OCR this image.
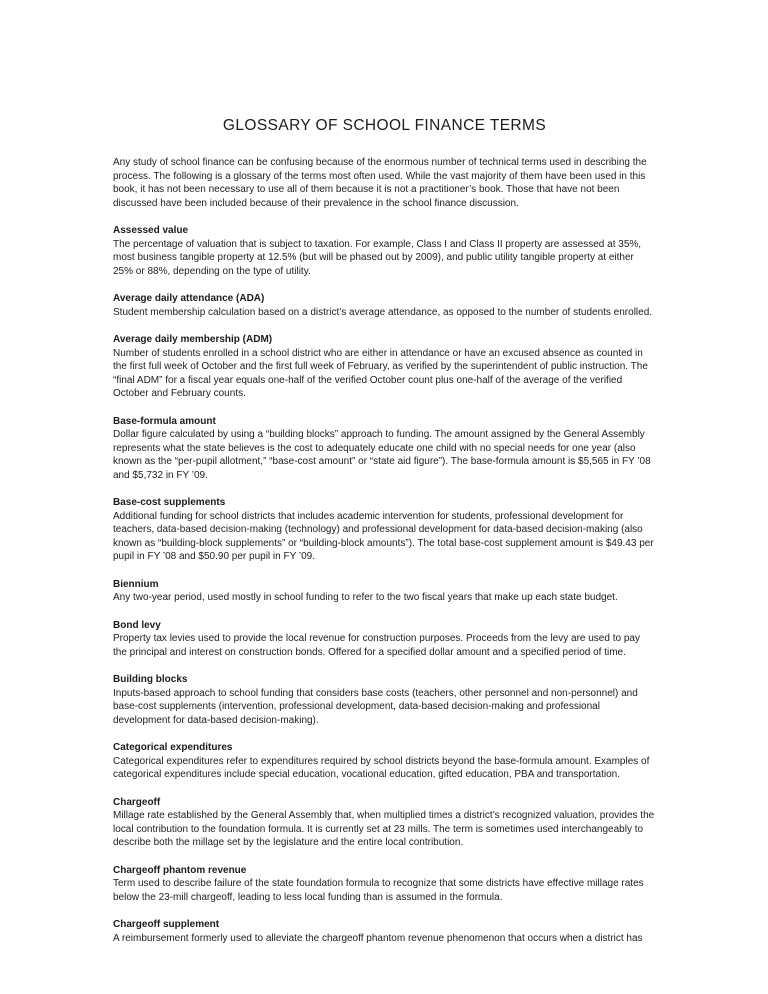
GLOSSARY OF SCHOOL FINANCE TERMS

Any study of school finance can be confusing because of the enormous number of technical terms used in describing the process. The following is a glossary of the terms most often used. While the vast majority of them have been used in this book, it has not been necessary to use all of them because it is not a practitioner’s book. Those that have not been discussed have been included because of their prevalence in the school finance discussion.

Assessed value
The percentage of valuation that is subject to taxation. For example, Class I and Class II property are assessed at 35%, most business tangible property at 12.5% (but will be phased out by 2009), and public utility tangible property at either 25% or 88%, depending on the type of utility.
Average daily attendance (ADA)
Student membership calculation based on a district’s average attendance, as opposed to the number of students enrolled.
Average daily membership (ADM)
Number of students enrolled in a school district who are either in attendance or have an excused absence as counted in the first full week of October and the first full week of February, as verified by the superintendent of public instruction. The “final ADM” for a fiscal year equals one-half of the verified October count plus one-half of the average of the verified October and February counts.
Base-formula amount
Dollar figure calculated by using a “building blocks” approach to funding. The amount assigned by the General Assembly represents what the state believes is the cost to adequately educate one child with no special needs for one year (also known as the “per-pupil allotment,” “base-cost amount” or “state aid figure”). The base-formula amount is $5,565 in FY ’08 and $5,732 in FY ’09.
Base-cost supplements
Additional funding for school districts that includes academic intervention for students, professional development for teachers, data-based decision-making (technology) and professional development for data-based decision-making (also known as “building-block supplements” or “building-block amounts”). The total base-cost supplement amount is $49.43 per pupil in FY ’08 and $50.90 per pupil in FY ’09.
Biennium
Any two-year period, used mostly in school funding to refer to the two fiscal years that make up each state budget.
Bond levy
Property tax levies used to provide the local revenue for construction purposes. Proceeds from the levy are used to pay the principal and interest on construction bonds. Offered for a specified dollar amount and a specified period of time.
Building blocks
Inputs-based approach to school funding that considers base costs (teachers, other personnel and non-personnel) and base-cost supplements (intervention, professional development, data-based decision-making and professional development for data-based decision-making).
Categorical expenditures
Categorical expenditures refer to expenditures required by school districts beyond the base-formula amount. Examples of categorical expenditures include special education, vocational education, gifted education, PBA and transportation.
Chargeoff
Millage rate established by the General Assembly that, when multiplied times a district’s recognized valuation, provides the local contribution to the foundation formula. It is currently set at 23 mills. The term is sometimes used interchangeably to describe both the millage set by the legislature and the entire local contribution.
Chargeoff phantom revenue
Term used to describe failure of the state foundation formula to recognize that some districts have effective millage rates below the 23-mill chargeoff, leading to less local funding than is assumed in the formula.
Chargeoff supplement
A reimbursement formerly used to alleviate the chargeoff phantom revenue phenomenon that occurs when a district has
